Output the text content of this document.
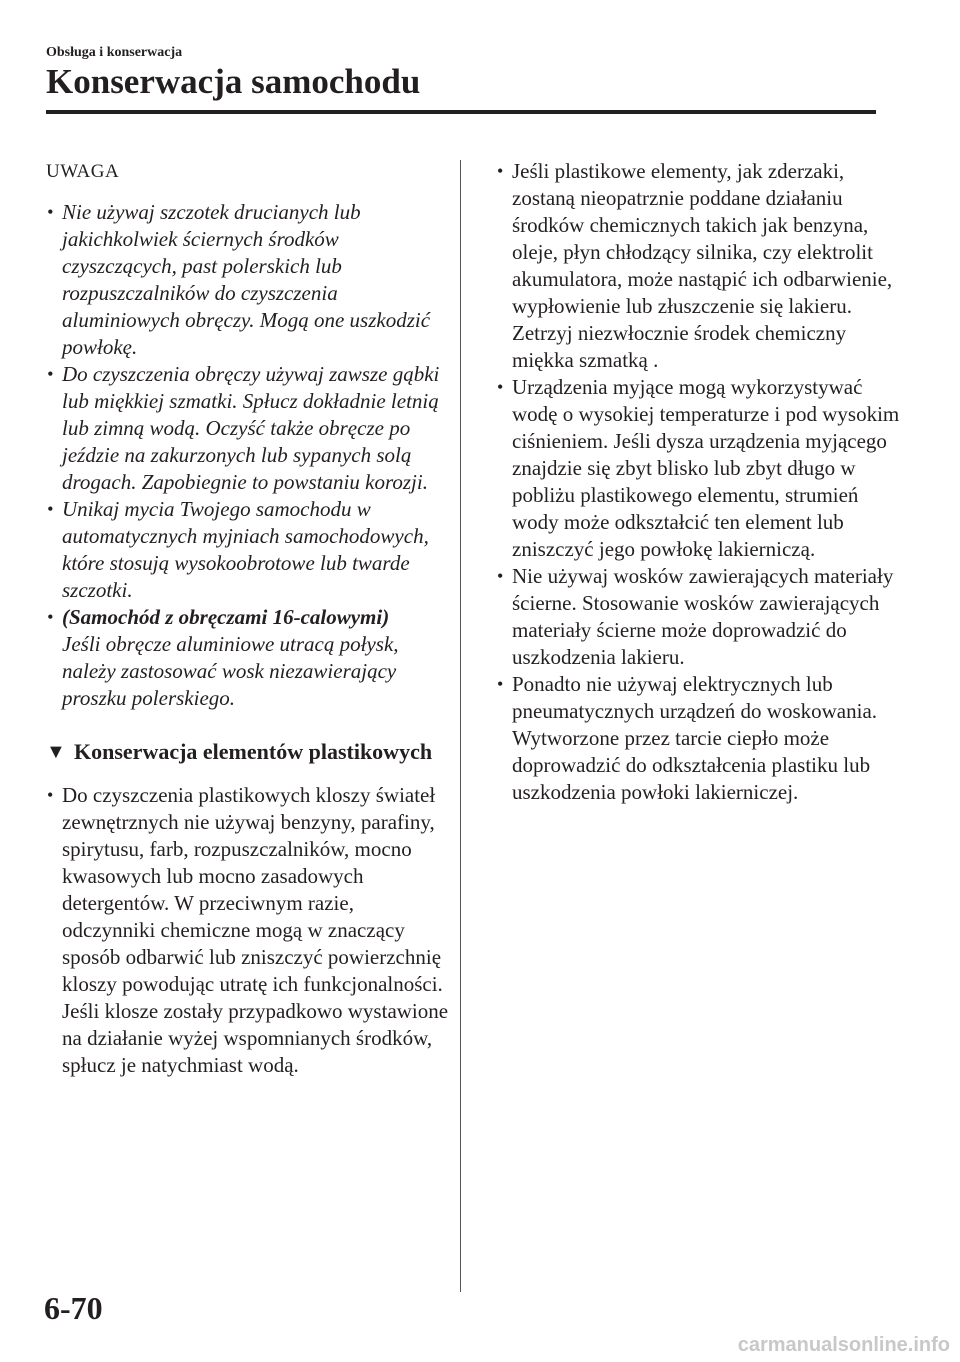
Obsługa i konserwacja
Konserwacja samochodu
UWAGA
• Nie używaj szczotek drucianych lub jakichkolwiek ściernych środków czyszczących, past polerskich lub rozpuszczalników do czyszczenia aluminiowych obręczy. Mogą one uszkodzić powłokę.
• Do czyszczenia obręczy używaj zawsze gąbki lub miękkiej szmatki. Spłucz dokładnie letnią lub zimną wodą. Oczyść także obręcze po jeździe na zakurzonych lub sypanych solą drogach. Zapobiegnie to powstaniu korozji.
• Unikaj mycia Twojego samochodu w automatycznych myjniach samochodowych, które stosują wysokoobrotowe lub twarde szczotki.
• (Samochód z obręczami 16-calowymi)
Jeśli obręcze aluminiowe utracą połysk, należy zastosować wosk niezawierający proszku polerskiego.
▼ Konserwacja elementów plastikowych
• Do czyszczenia plastikowych kloszy świateł zewnętrznych nie używaj benzyny, parafiny, spirytusu, farb, rozpuszczalników, mocno kwasowych lub mocno zasadowych detergentów. W przeciwnym razie, odczynniki chemiczne mogą w znaczący sposób odbarwić lub zniszczyć powierzchnię kloszy powodując utratę ich funkcjonalności. Jeśli klosze zostały przypadkowo wystawione na działanie wyżej wspomnianych środków, spłucz je natychmiast wodą.
• Jeśli plastikowe elementy, jak zderzaki, zostaną nieopatrznie poddane działaniu środków chemicznych takich jak benzyna, oleje, płyn chłodzący silnika, czy elektrolit akumulatora, może nastąpić ich odbarwienie, wypłowienie lub złuszczenie się lakieru. Zetrzyj niezwłocznie środek chemiczny miękka szmatką .
• Urządzenia myjące mogą wykorzystywać wodę o wysokiej temperaturze i pod wysokim ciśnieniem. Jeśli dysza urządzenia myjącego znajdzie się zbyt blisko lub zbyt długo w pobliżu plastikowego elementu, strumień wody może odkształcić ten element lub zniszczyć jego powłokę lakierniczą.
• Nie używaj wosków zawierających materiały ścierne. Stosowanie wosków zawierających materiały ścierne może doprowadzić do uszkodzenia lakieru.
• Ponadto nie używaj elektrycznych lub pneumatycznych urządzeń do woskowania. Wytworzone przez tarcie ciepło może doprowadzić do odkształcenia plastiku lub uszkodzenia powłoki lakierniczej.
6-70
carmanualsonline.info
